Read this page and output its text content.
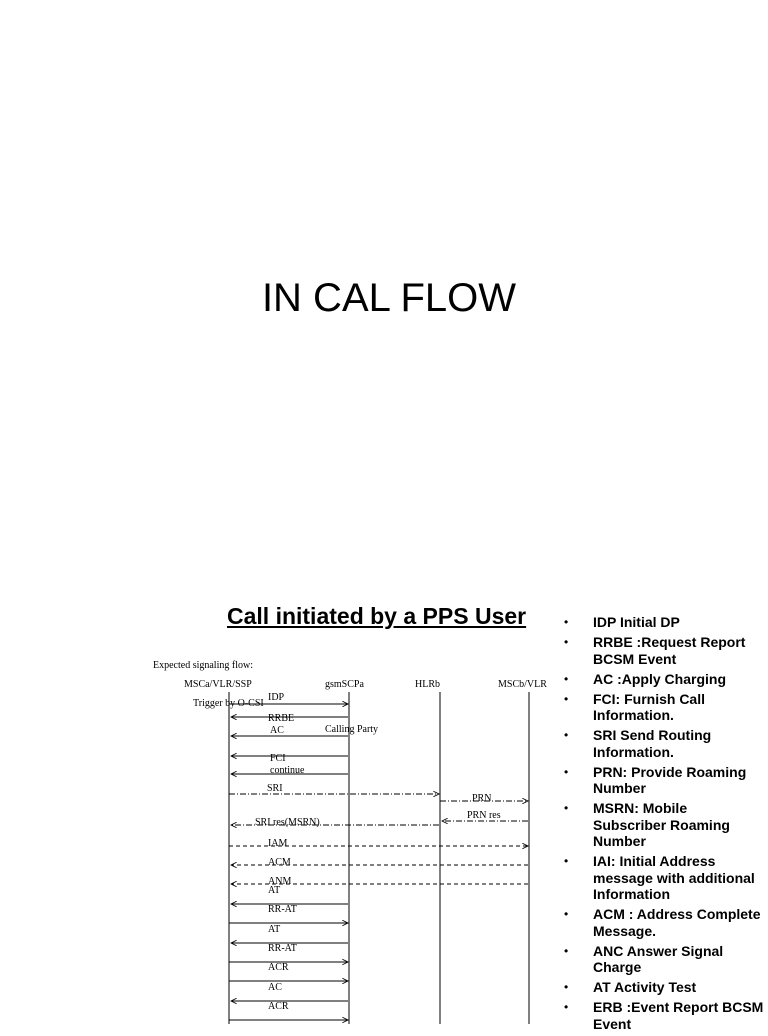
IN CAL FLOW
Call initiated by a PPS User
Expected signaling flow:
Trigger by O-CSI
Calling Party
MSCa/VLR/SSP	gsmSCPa	HLRb	MSCb/VLR
IDP
RRBE
AC
FCI
continue
SRI
PRN
PRN res
SRI res(MSRN)
IAM
ACM
ANM
AT
RR-AT
AT
RR-AT
ACR
AC
ACR
• IDP Initial DP
• RRBE :Request Report BCSM Event
• AC :Apply Charging
• FCI: Furnish Call Information.
• SRI Send Routing Information.
• PRN: Provide Roaming Number
• MSRN: Mobile Subscriber Roaming Number
• IAI: Initial Address message with additional Information
• ACM : Address Complete Message.
• ANC Answer Signal Charge
• AT Activity Test
• ERB :Event Report BCSM Event
